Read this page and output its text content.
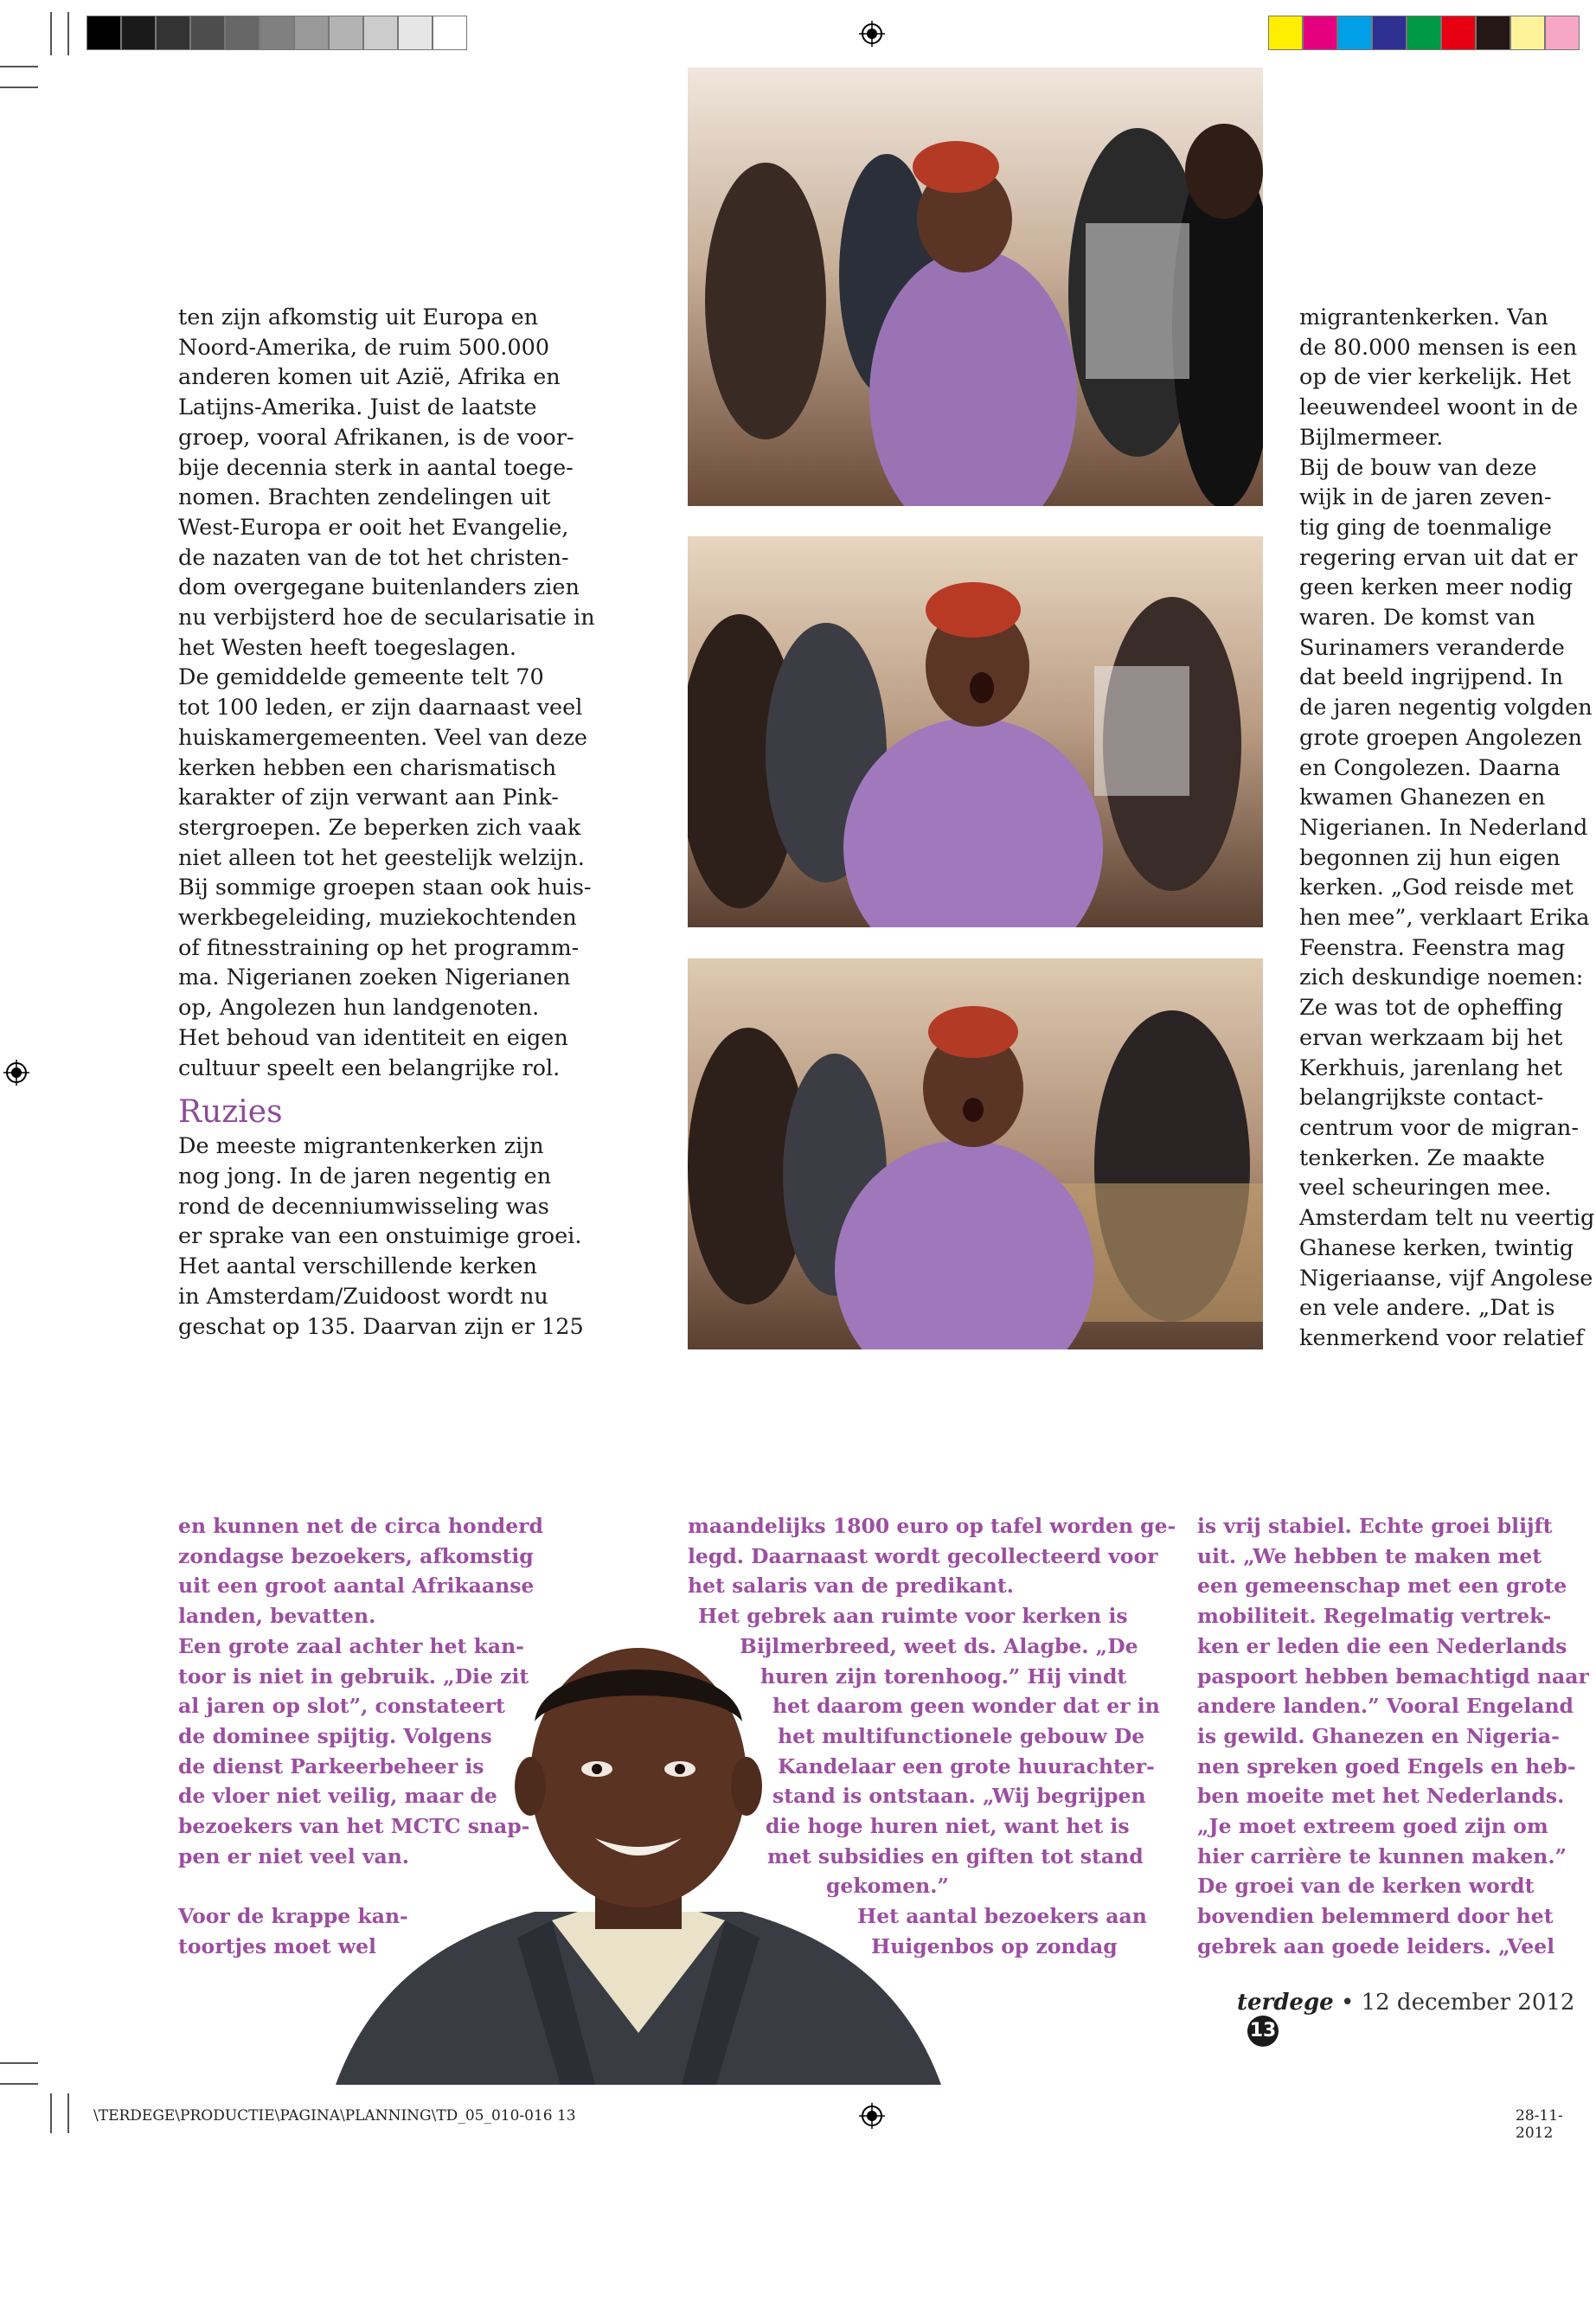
ten zijn afkomstig uit Europa en
Noord-Amerika, de ruim 500.000
anderen komen uit Azië, Afrika en
Latijns-Amerika. Juist de laatste
groep, vooral Afrikanen, is de voor-
bije decennia sterk in aantal toege-
nomen. Brachten zendelingen uit
West-Europa er ooit het Evangelie,
de nazaten van de tot het christen-
dom overgegane buitenlanders zien
nu verbijsterd hoe de secularisatie in
het Westen heeft toegeslagen.
De gemiddelde gemeente telt 70
tot 100 leden, er zijn daarnaast veel
huiskamergemeenten. Veel van deze
kerken hebben een charismatisch
karakter of zijn verwant aan Pink-
stergroepen. Ze beperken zich vaak
niet alleen tot het geestelijk welzijn.
Bij sommige groepen staan ook huis-
werkbegeleiding, muziekochtenden
of fitnesstraining op het programm-
ma. Nigerianen zoeken Nigerianen
op, Angolezen hun landgenoten.
Het behoud van identiteit en eigen
cultuur speelt een belangrijke rol.
Ruzies
De meeste migrantenkerken zijn
nog jong. In de jaren negentig en
rond de decenniumwisseling was
er sprake van een onstuimige groei.
Het aantal verschillende kerken
in Amsterdam/Zuidoost wordt nu
geschat op 135. Daarvan zijn er 125
migrantenkerken. Van
de 80.000 mensen is een
op de vier kerkelijk. Het
leeuwendeel woont in de
Bijlmermeer.
Bij de bouw van deze
wijk in de jaren zeven-
tig ging de toenmalige
regering ervan uit dat er
geen kerken meer nodig
waren. De komst van
Surinamers veranderde
dat beeld ingrijpend. In
de jaren negentig volgden
grote groepen Angolezen
en Congolezen. Daarna
kwamen Ghanezen en
Nigerianen. In Nederland
begonnen zij hun eigen
kerken. „God reisde met
hen mee”, verklaart Erika
Feenstra. Feenstra mag
zich deskundige noemen:
Ze was tot de opheffing
ervan werkzaam bij het
Kerkhuis, jarenlang het
belangrijkste contact-
centrum voor de migran-
tenkerken. Ze maakte
veel scheuringen mee.
Amsterdam telt nu veertig
Ghanese kerken, twintig
Nigeriaanse, vijf Angolese
en vele andere. „Dat is
kenmerkend voor relatief
en kunnen net de circa honderd
zondagse bezoekers, afkomstig
uit een groot aantal Afrikaanse
landen, bevatten.
Een grote zaal achter het kan-
toor is niet in gebruik. „Die zit
al jaren op slot”, constateert
de dominee spijtig. Volgens
de dienst Parkeerbeheer is
de vloer niet veilig, maar de
bezoekers van het MCTC snap-
pen er niet veel van.

Voor de krappe kan-
toortjes moet wel
maandelijks 1800 euro op tafel worden ge-
legd. Daarnaast wordt gecollecteerd voor
het salaris van de predikant.
Het gebrek aan ruimte voor kerken is
Bijlmerbreed, weet ds. Alagbe. „De
huren zijn torenhoog.” Hij vindt
het daarom geen wonder dat er in
het multifunctionele gebouw De
Kandelaar een grote huurachter-
stand is ontstaan. „Wij begrijpen
die hoge huren niet, want het is
met subsidies en giften tot stand
gekomen.”
Het aantal bezoekers aan
Huigenbos op zondag
is vrij stabiel. Echte groei blijft
uit. „We hebben te maken met
een gemeenschap met een grote
mobiliteit. Regelmatig vertrek-
ken er leden die een Nederlands
paspoort hebben bemachtigd naar
andere landen.” Vooral Engeland
is gewild. Ghanezen en Nigeria-
nen spreken goed Engels en heb-
ben moeite met het Nederlands.
„Je moet extreem goed zijn om
hier carrière te kunnen maken.”
De groei van de kerken wordt
bovendien belemmerd door het
gebrek aan goede leiders. „Veel
terdege • 12 december 2012 13
\TERDEGE\PRODUCTIE\PAGINA\PLANNING\TD_05_010-016 13	28-11-2012
